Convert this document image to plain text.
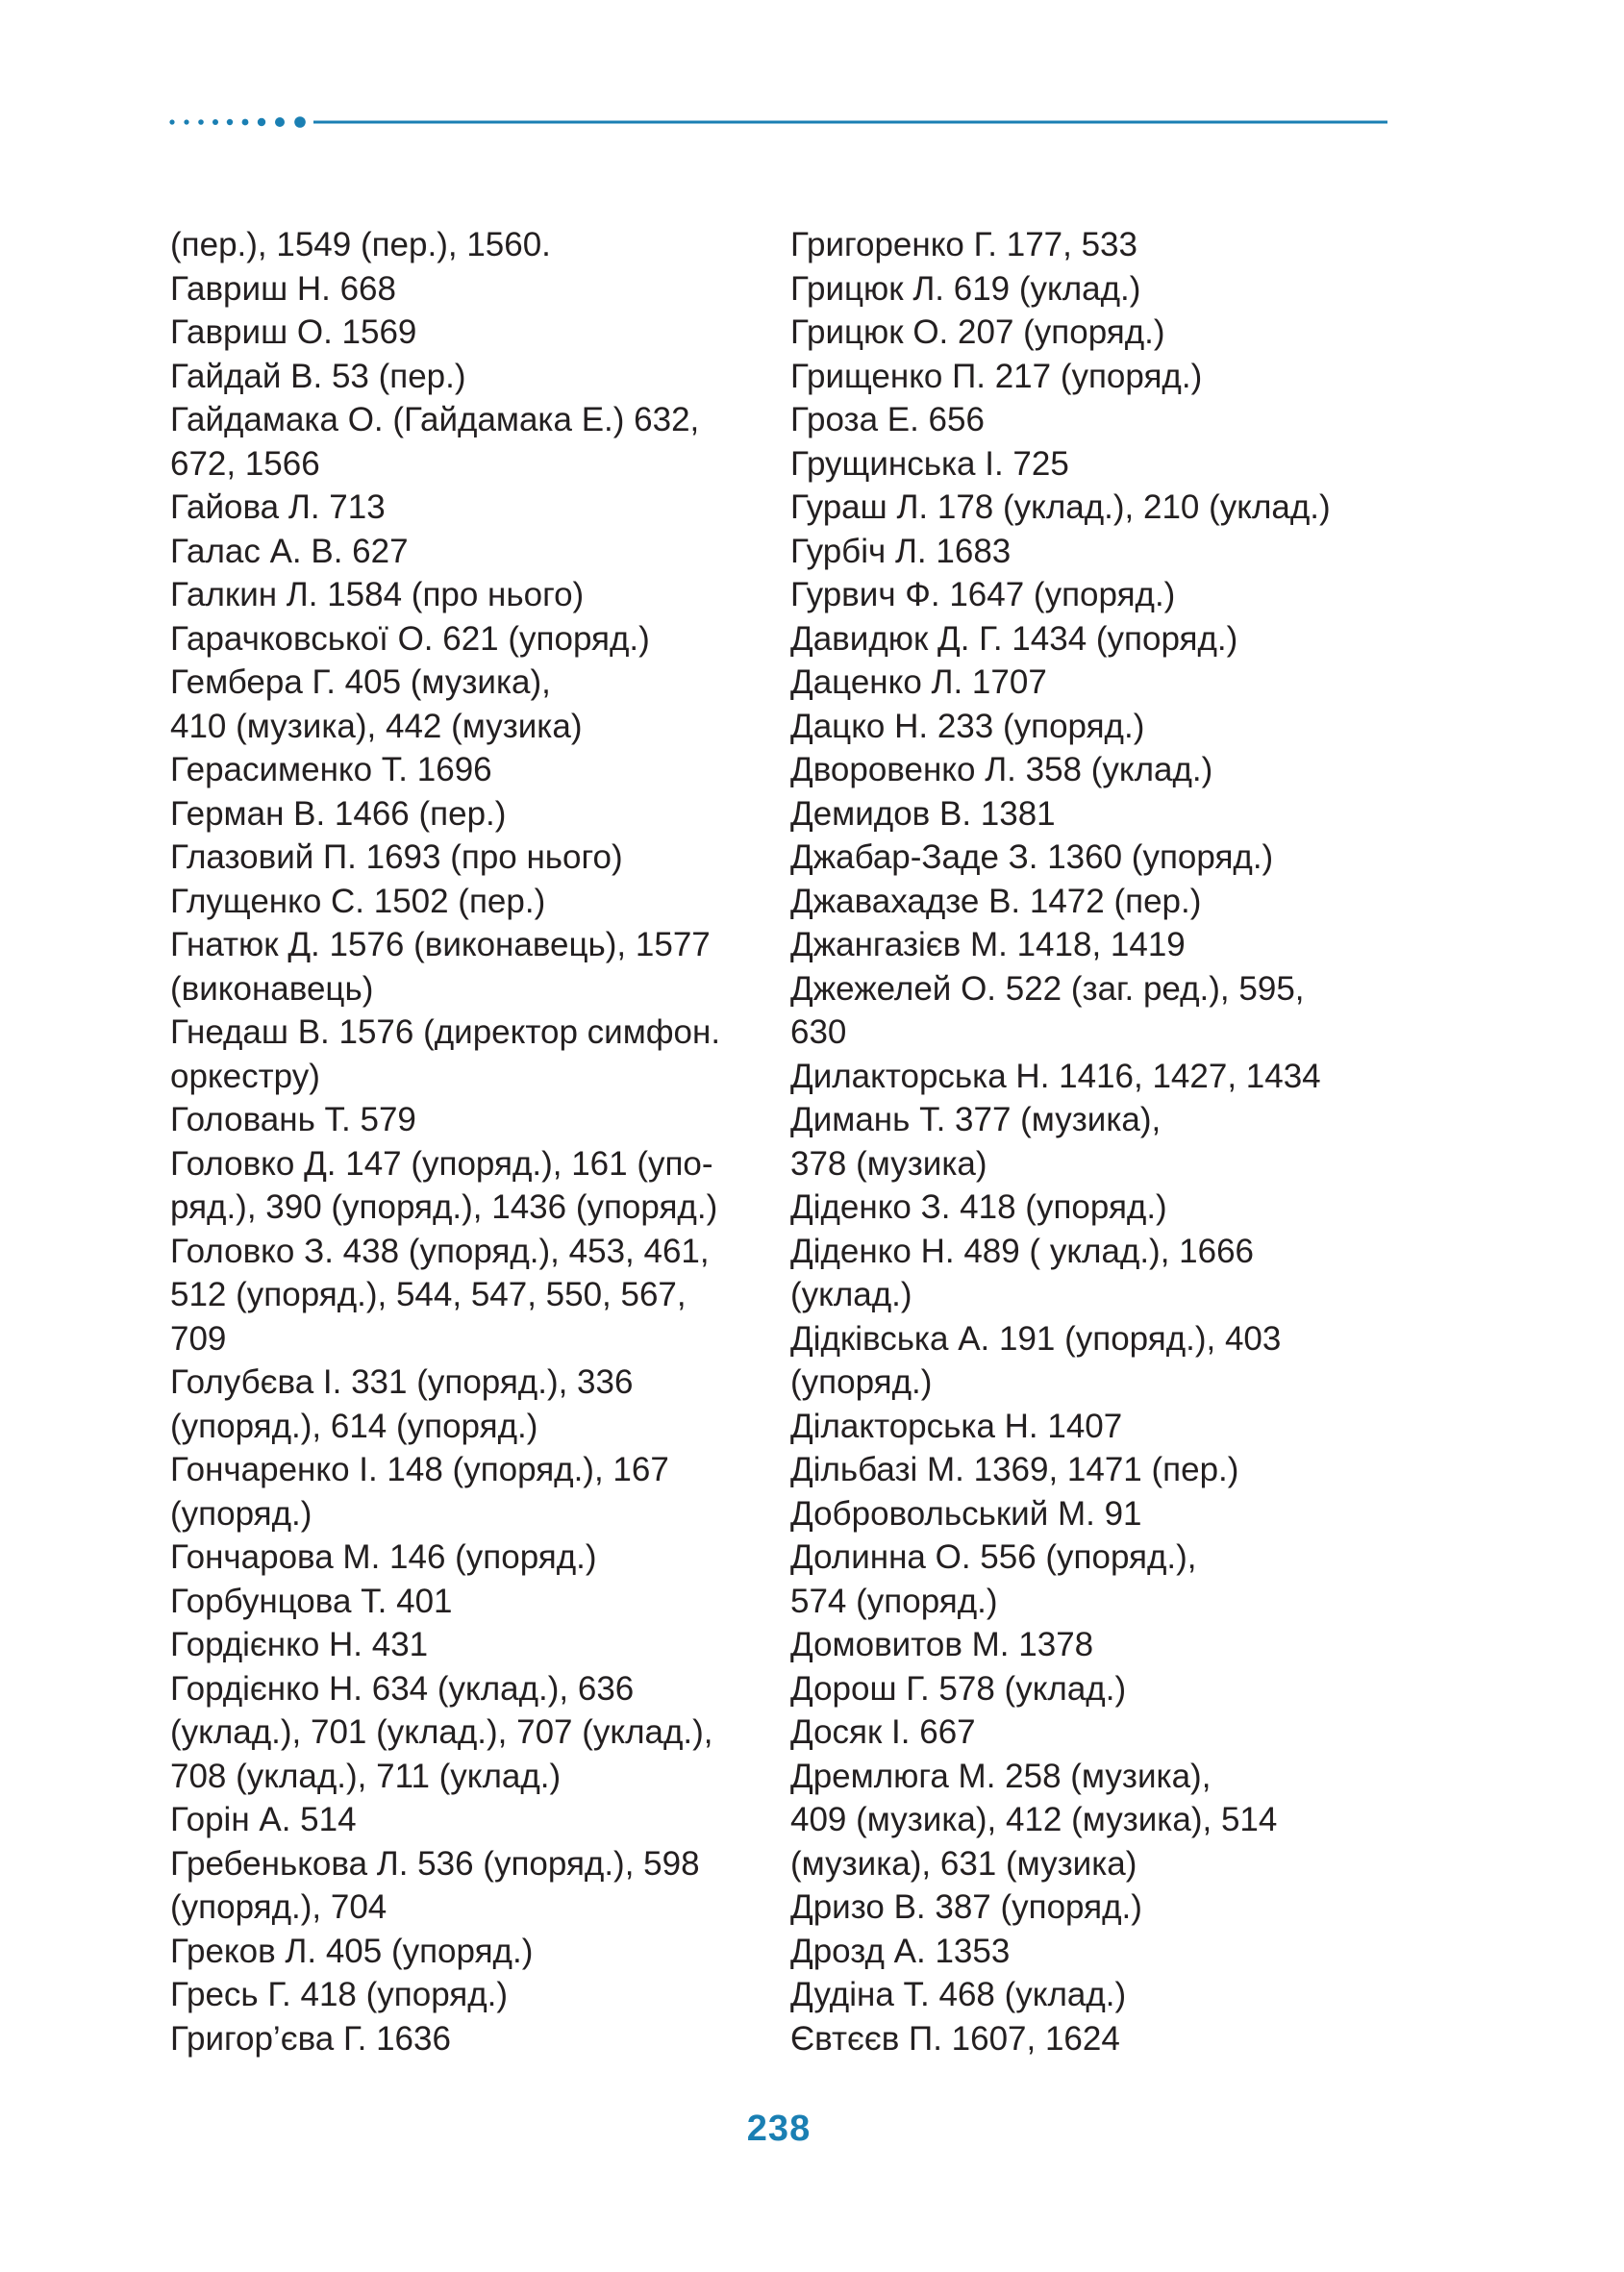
(пер.), 1549 (пер.), 1560.
Гавриш Н. 668
Гавриш О. 1569
Гайдай В. 53 (пер.)
Гайдамака О. (Гайдамака Е.) 632,
672, 1566
Гайова Л. 713
Галас А. В. 627
Галкин Л. 1584 (про нього)
Гарачковської О. 621 (упоряд.)
Гембера Г. 405 (музика),
410 (музика), 442 (музика)
Герасименко Т. 1696
Герман В. 1466 (пер.)
Глазовий П. 1693 (про нього)
Глущенко С. 1502 (пер.)
Гнатюк Д. 1576 (виконавець), 1577
(виконавець)
Гнедаш В. 1576 (директор симфон.
оркестру)
Головань Т. 579
Головко Д. 147 (упоряд.), 161 (упо-
ряд.), 390 (упоряд.), 1436 (упоряд.)
Головко З. 438 (упоряд.), 453, 461,
512 (упоряд.), 544, 547, 550, 567,
709
Голубєва І. 331 (упоряд.), 336
(упоряд.), 614 (упоряд.)
Гончаренко І. 148 (упоряд.), 167
(упоряд.)
Гончарова М. 146 (упоряд.)
Горбунцова Т. 401
Гордієнко Н. 431
Гордієнко Н. 634 (уклад.), 636
(уклад.), 701 (уклад.), 707 (уклад.),
708 (уклад.), 711 (уклад.)
Горін А. 514
Гребенькова Л. 536 (упоряд.), 598
(упоряд.), 704
Греков Л. 405 (упоряд.)
Гресь Г. 418 (упоряд.)
Григор’єва Г. 1636
Григоренко Г. 177, 533
Грицюк Л. 619 (уклад.)
Грицюк О. 207 (упоряд.)
Грищенко П. 217 (упоряд.)
Гроза Е. 656
Грущинська І. 725
Гураш Л. 178 (уклад.), 210 (уклад.)
Гурбіч Л. 1683
Гурвич Ф. 1647 (упоряд.)
Давидюк Д. Г. 1434 (упоряд.)
Даценко Л. 1707
Дацко Н. 233 (упоряд.)
Дворовенко Л. 358 (уклад.)
Демидов В. 1381
Джабар-Заде З. 1360 (упоряд.)
Джавахадзе В. 1472 (пер.)
Джангазієв М. 1418, 1419
Джежелей О. 522 (заг. ред.), 595,
630
Дилакторська Н. 1416, 1427, 1434
Димань Т. 377 (музика),
378 (музика)
Діденко З. 418 (упоряд.)
Діденко Н. 489 ( уклад.), 1666
(уклад.)
Дідківська А. 191 (упоряд.), 403
(упоряд.)
Ділакторська Н. 1407
Дільбазі М. 1369, 1471 (пер.)
Добровольський М. 91
Долинна О. 556 (упоряд.),
574 (упоряд.)
Домовитов М. 1378
Дорош Г. 578 (уклад.)
Досяк І. 667
Дремлюга М. 258 (музика),
409 (музика), 412 (музика), 514
(музика), 631 (музика)
Дризо В. 387 (упоряд.)
Дрозд А. 1353
Дудіна Т. 468 (уклад.)
Євтєєв П. 1607, 1624
238
